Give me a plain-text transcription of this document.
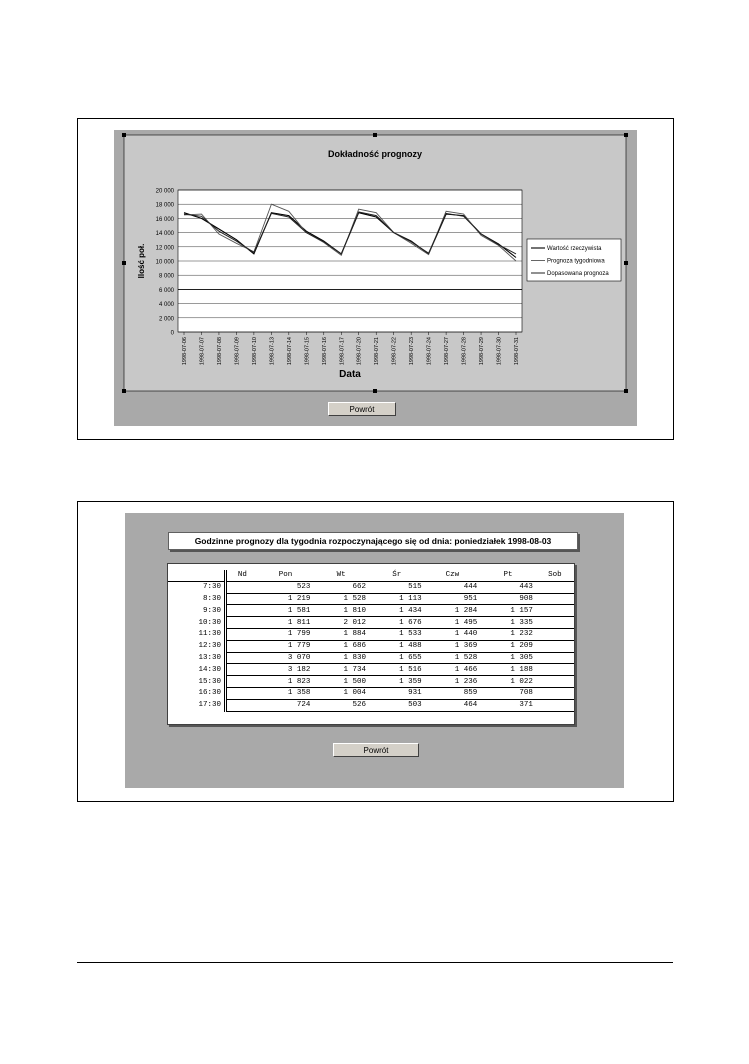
Dokładność prognozy
0
2 000
4 000
6 000
8 000
10 000
12 000
14 000
16 000
18 000
20 000
Ilość poł.
1998-07-06 1998-07-07 1998-07-08 1998-07-09 1998-07-10 1998-07-13 1998-07-14 1998-07-15 1998-07-16 1998-07-17 1998-07-20 1998-07-21 1998-07-22 1998-07-23 1998-07-24 1998-07-27 1998-07-28 1998-07-29 1998-07-30 1998-07-31
Data
Wartość rzeczywista
Prognoza tygodniowa
Dopasowana prognoza
Powrót
Godzinne prognozy dla tygodnia rozpoczynającego się od dnia: poniedziałek 1998-08-03
	Nd	Pon	Wt	Śr	Czw	Pt	Sob
7:30		523	662	515	444	443	
8:30		1 219	1 528	1 113	951	908	
9:30		1 581	1 810	1 434	1 284	1 157	
10:30		1 811	2 012	1 676	1 495	1 335	
11:30		1 799	1 884	1 533	1 440	1 232	
12:30		1 779	1 686	1 488	1 369	1 209	
13:30		3 070	1 830	1 655	1 528	1 305	
14:30		3 182	1 734	1 516	1 466	1 188	
15:30		1 823	1 500	1 359	1 236	1 022	
16:30		1 358	1 004	931	859	708	
17:30		724	526	503	464	371	
Powrót
